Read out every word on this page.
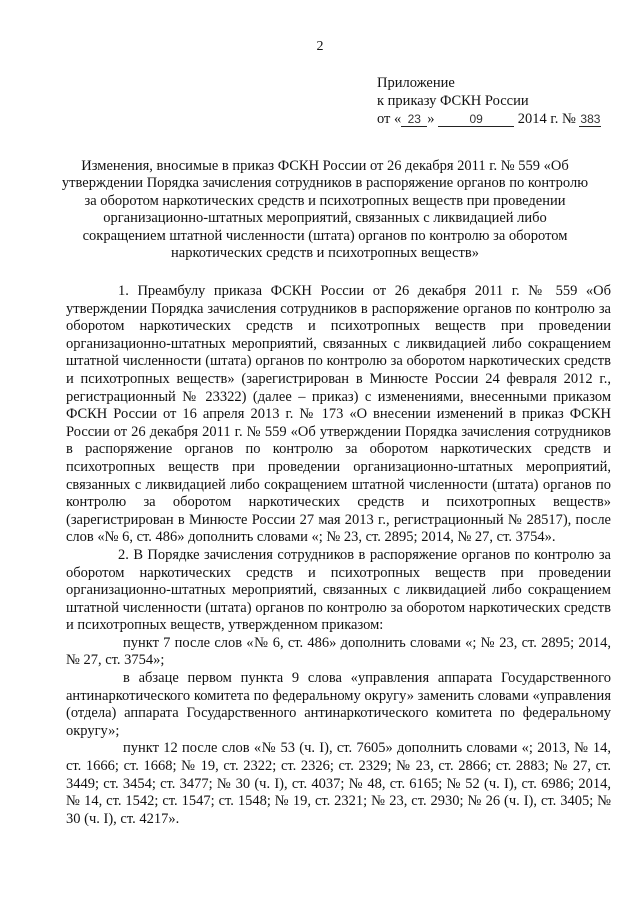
2
Приложение
к приказу ФСКН России
от « 23 »	09 2014 г. № 383
Изменения, вносимые в приказ ФСКН России от 26 декабря 2011 г. № 559 «Об утверждении Порядка зачисления сотрудников в распоряжение органов по контролю за оборотом наркотических средств и психотропных веществ при проведении организационно-штатных мероприятий, связанных с ликвидацией либо сокращением штатной численности (штата) органов по контролю за оборотом наркотических средств и психотропных веществ»

1. Преамбулу приказа ФСКН России от 26 декабря 2011 г. № 559 «Об утверждении Порядка зачисления сотрудников в распоряжение органов по контролю за оборотом наркотических средств и психотропных веществ при проведении организационно-штатных мероприятий, связанных с ликвидацией либо сокращением штатной численности (штата) органов по контролю за оборотом наркотических средств и психотропных веществ» (зарегистрирован в Минюсте России 24 февраля 2012 г., регистрационный № 23322) (далее – приказ) с изменениями, внесенными приказом ФСКН России от 16 апреля 2013 г. № 173 «О внесении изменений в приказ ФСКН России от 26 декабря 2011 г. № 559 «Об утверждении Порядка зачисления сотрудников в распоряжение органов по контролю за оборотом наркотических средств и психотропных веществ при проведении организационно-штатных мероприятий, связанных с ликвидацией либо сокращением штатной численности (штата) органов по контролю за оборотом наркотических средств и психотропных веществ» (зарегистрирован в Минюсте России 27 мая 2013 г., регистрационный № 28517), после слов «№ 6, ст. 486» дополнить словами «; № 23, ст. 2895; 2014, № 27, ст. 3754».

2. В Порядке зачисления сотрудников в распоряжение органов по контролю за оборотом наркотических средств и психотропных веществ при проведении организационно-штатных мероприятий, связанных с ликвидацией либо сокращением штатной численности (штата) органов по контролю за оборотом наркотических средств и психотропных веществ, утвержденном приказом:

пункт 7 после слов «№ 6, ст. 486» дополнить словами «; № 23, ст. 2895; 2014, № 27, ст. 3754»;

в абзаце первом пункта 9 слова «управления аппарата Государственного антинаркотического комитета по федеральному округу» заменить словами «управления (отдела) аппарата Государственного антинаркотического комитета по федеральному округу»;

пункт 12 после слов «№ 53 (ч. I), ст. 7605» дополнить словами «; 2013, № 14, ст. 1666; ст. 1668; № 19, ст. 2322; ст. 2326; ст. 2329; № 23, ст. 2866; ст. 2883; № 27, ст. 3449; ст. 3454; ст. 3477; № 30 (ч. I), ст. 4037; № 48, ст. 6165; № 52 (ч. I), ст. 6986; 2014, № 14, ст. 1542; ст. 1547; ст. 1548; № 19, ст. 2321; № 23, ст. 2930; № 26 (ч. I), ст. 3405; № 30 (ч. I), ст. 4217».
